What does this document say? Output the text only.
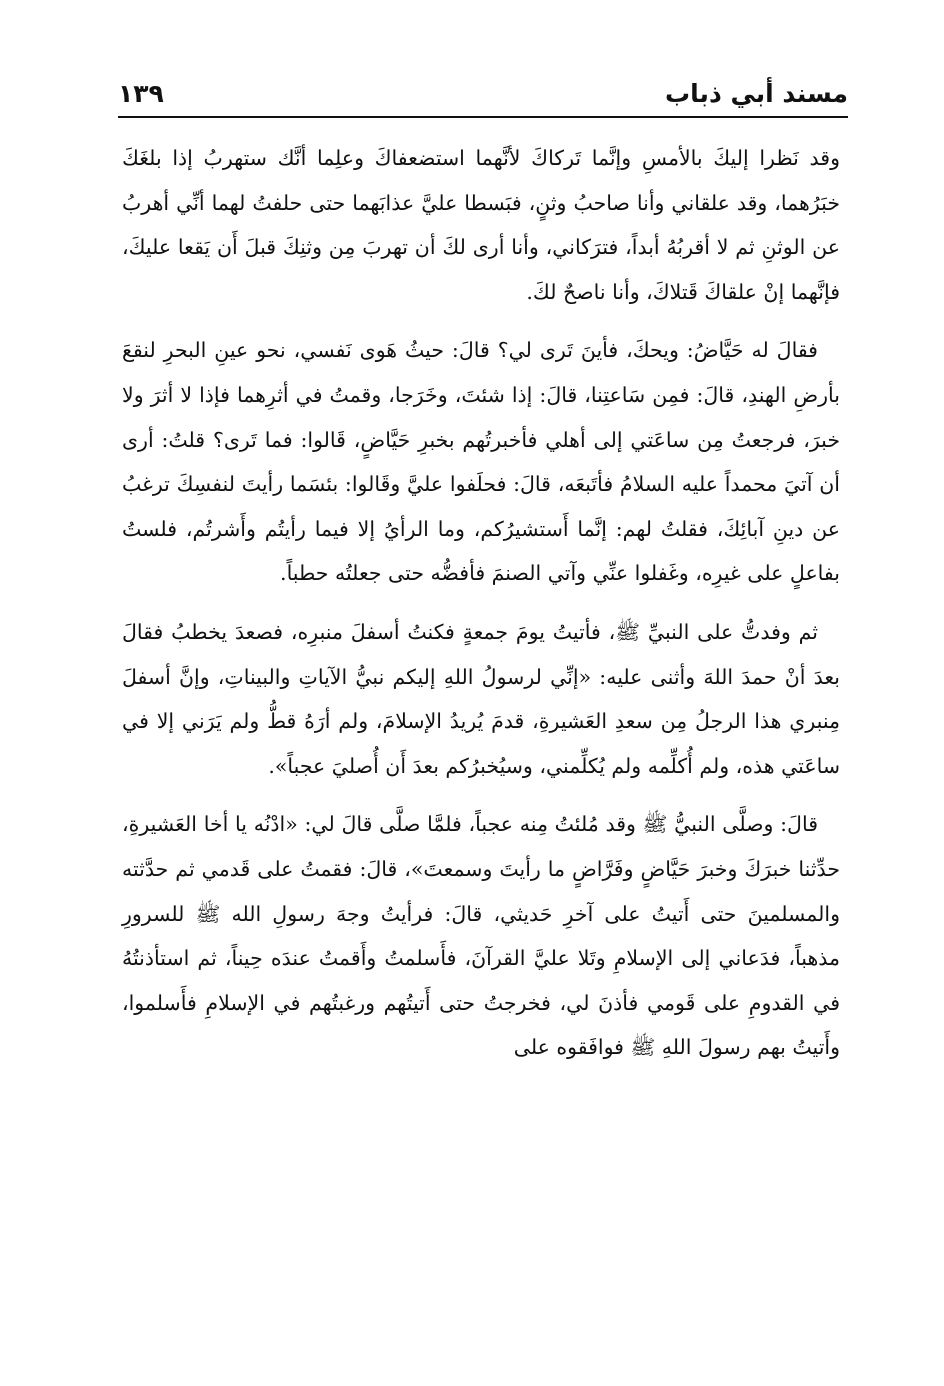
مسند أبي ذباب
١٣٩

وقد نَظرا إليكَ بالأمسِ وإنَّما تَركاكَ لأنَّهما استضعفاكَ وعلِما أنَّك ستهربُ إذا بلغَكَ خبَرُهما، وقد علقاني وأنا صاحبُ وثنٍ، فبَسطا عليَّ عذابَهما حتى حلفتُ لهما أنِّي أهربُ عن الوثنِ ثم لا أقربُهُ أبداً، فترَكاني، وأنا أرى لكَ أن تهربَ مِن وثنِكَ قبلَ أَن يَقعا عليكَ، فإنَّهما إنْ علقاكَ قَتلاكَ، وأنا ناصحٌ لكَ.

فقالَ له حَيَّاضُ: ويحكَ، فأينَ تَرى لي؟ قالَ: حيثُ هَوى نَفسي، نحو عينِ البحرِ لنقعَ بأرضِ الهندِ، قالَ: فمِن سَاعتِنا، قالَ: إذا شئتَ، وخَرَجا، وقمتُ في أثرِهما فإذا لا أثرَ ولا خبرَ، فرجعتُ مِن ساعَتي إلى أهلي فأخبرتُهم بخبرِ حَيَّاضٍ، قَالوا: فما تَرى؟ قلتُ: أرى أن آتيَ محمداً عليه السلامُ فأتَبعَه، قالَ: فحلَفوا عليَّ وقَالوا: بئسَما رأيتَ لنفسِكَ ترغبُ عن دينِ آبائِكَ، فقلتُ لهم: إنَّما أَستشيرُكم، وما الرأيُ إلا فيما رأيتُم وأَشرتُم، فلستُ بفاعلٍ على غيرِه، وغَفلوا عنِّي وآتي الصنمَ فأفضُّه حتى جعلتُه حطباً.

ثم وفدتُّ على النبيِّ ﷺ، فأتيتُ يومَ جمعةٍ فكنتُ أسفلَ منبرِه، فصعدَ يخطبُ فقالَ بعدَ أنْ حمدَ اللهَ وأثنى عليه: «إنِّي لرسولُ اللهِ إليكم نبيُّ الآياتِ والبيناتِ، وإنَّ أسفلَ مِنبري هذا الرجلُ مِن سعدِ العَشيرةِ، قدمَ يُريدُ الإسلامَ، ولم أرَهُ قطُّ ولم يَرَني إلا في ساعَتي هذه، ولم أُكلِّمه ولم يُكلِّمني، وسيُخبرُكم بعدَ أَن أُصليَ عجباً».

قالَ: وصلَّى النبيُّ ﷺ وقد مُلئتُ مِنه عجباً، فلمَّا صلَّى قالَ لي: «ادْنُه يا أخا العَشيرةِ، حدِّثنا خبرَكَ وخبرَ حَيَّاضٍ وفَرَّاضٍ ما رأيتَ وسمعتَ»، قالَ: فقمتُ على قَدمي ثم حدَّثته والمسلمينَ حتى أَتيتُ على آخرِ حَديثي، قالَ: فرأيتُ وجهَ رسولِ الله ﷺ للسرورِ مذهباً، فدَعاني إلى الإسلامِ وتَلا عليَّ القرآنَ، فأَسلمتُ وأَقمتُ عندَه حِيناً، ثم استأذنتُهُ في القدومِ على قَومي فأذنَ لي، فخرجتُ حتى أَتيتُهم ورغبتُهم في الإسلامِ فأَسلموا، وأَتيتُ بهم رسولَ اللهِ ﷺ فوافَقوه على
